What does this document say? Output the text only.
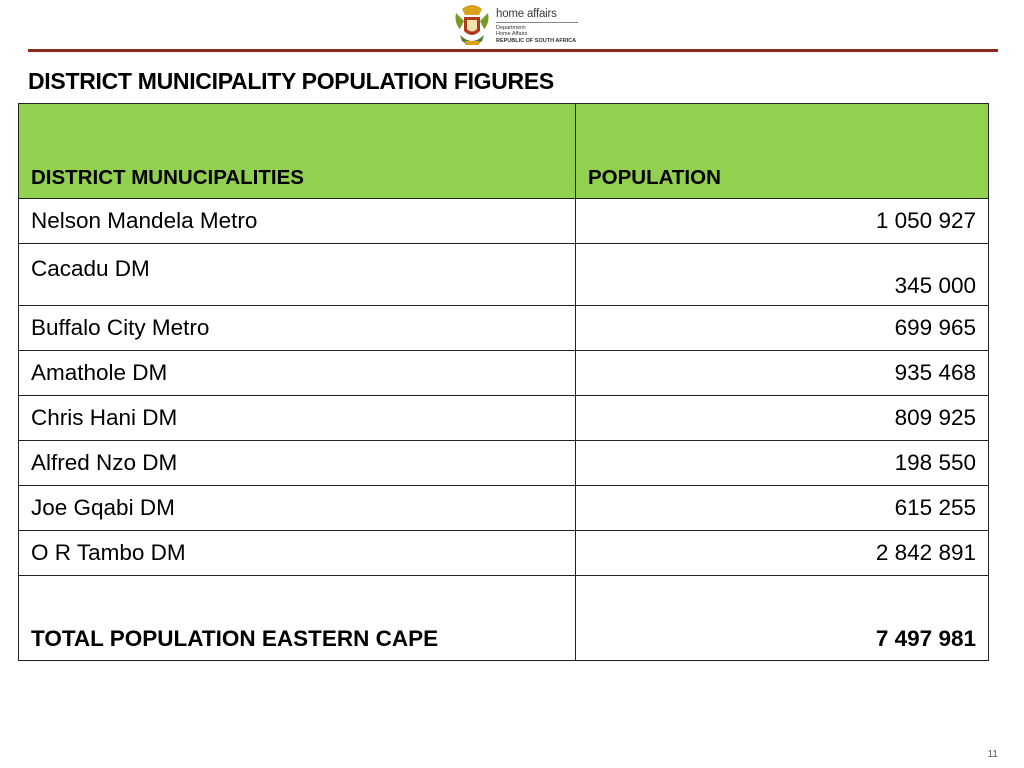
home affairs
Department:
Home Affairs
REPUBLIC OF SOUTH AFRICA
DISTRICT MUNICIPALITY POPULATION FIGURES
DISTRICT MUNUCIPALITIES	POPULATION
Nelson Mandela Metro	1 050 927
Cacadu DM	345 000
Buffalo City Metro	699 965
Amathole DM	935 468
Chris Hani DM	809 925
Alfred Nzo DM	198 550
Joe Gqabi DM	615 255
O R Tambo DM	2 842 891
TOTAL POPULATION EASTERN CAPE	7 497 981
11
